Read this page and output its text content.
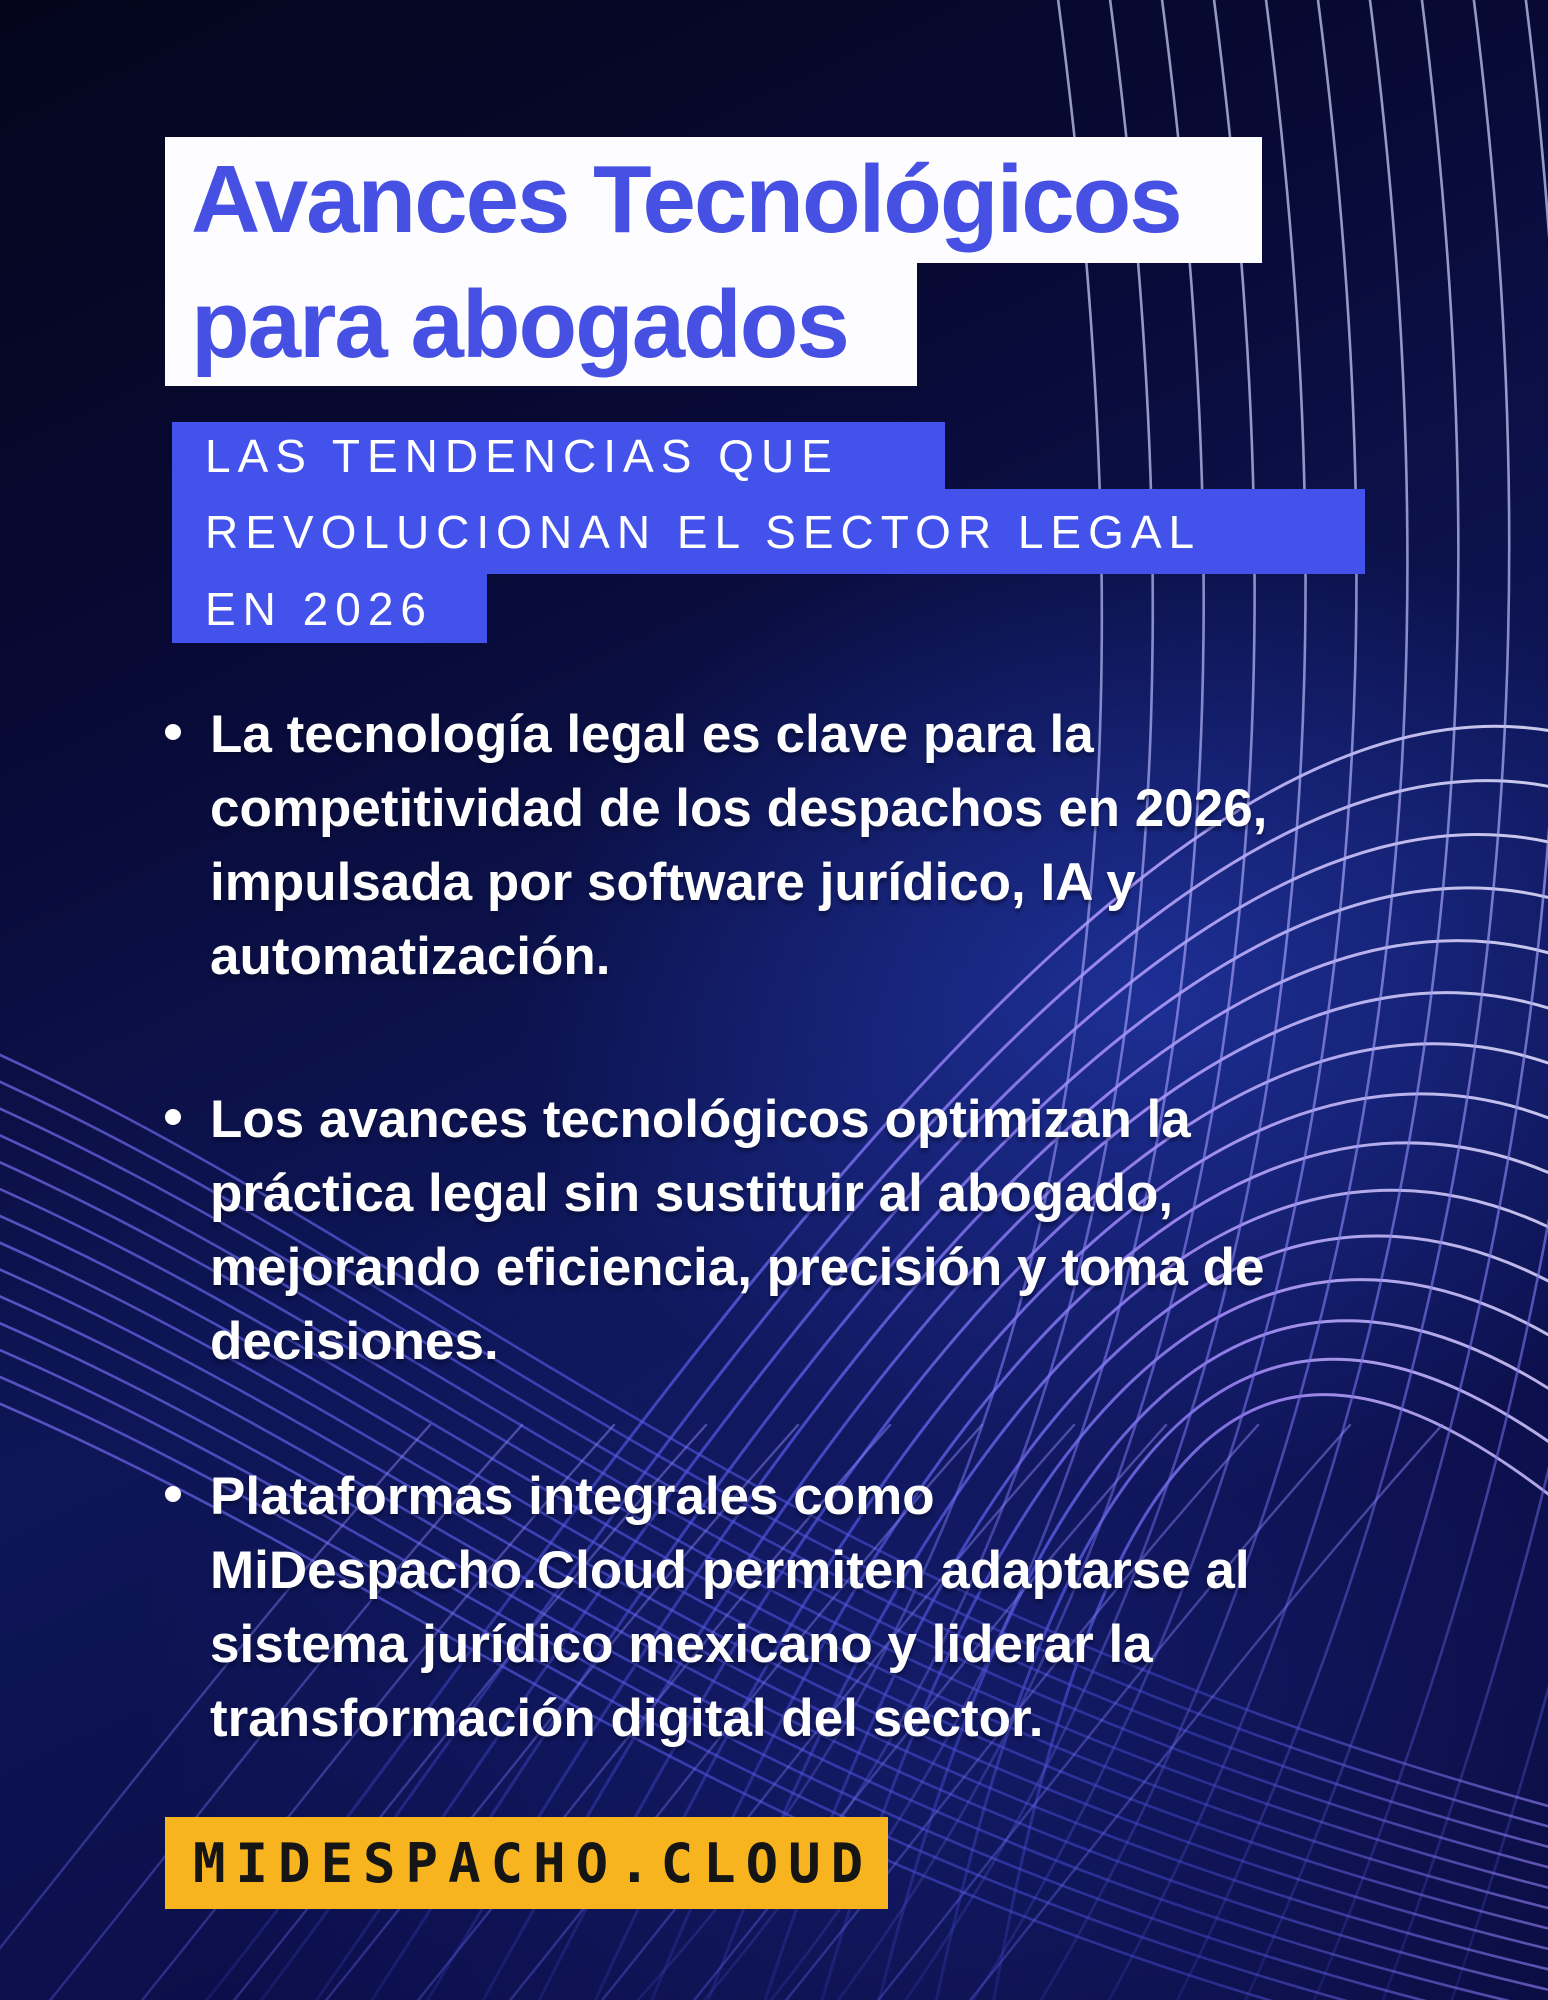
Avances Tecnológicos
para abogados
LAS TENDENCIAS QUE
REVOLUCIONAN EL SECTOR LEGAL
EN 2026
La tecnología legal es clave para la
competitividad de los despachos en 2026,
impulsada por software jurídico, IA y
automatización.
Los avances tecnológicos optimizan la
práctica legal sin sustituir al abogado,
mejorando eficiencia, precisión y toma de
decisiones.
Plataformas integrales como
MiDespacho.Cloud permiten adaptarse al
sistema jurídico mexicano y liderar la
transformación digital del sector.
MIDESPACHO.CLOUD
